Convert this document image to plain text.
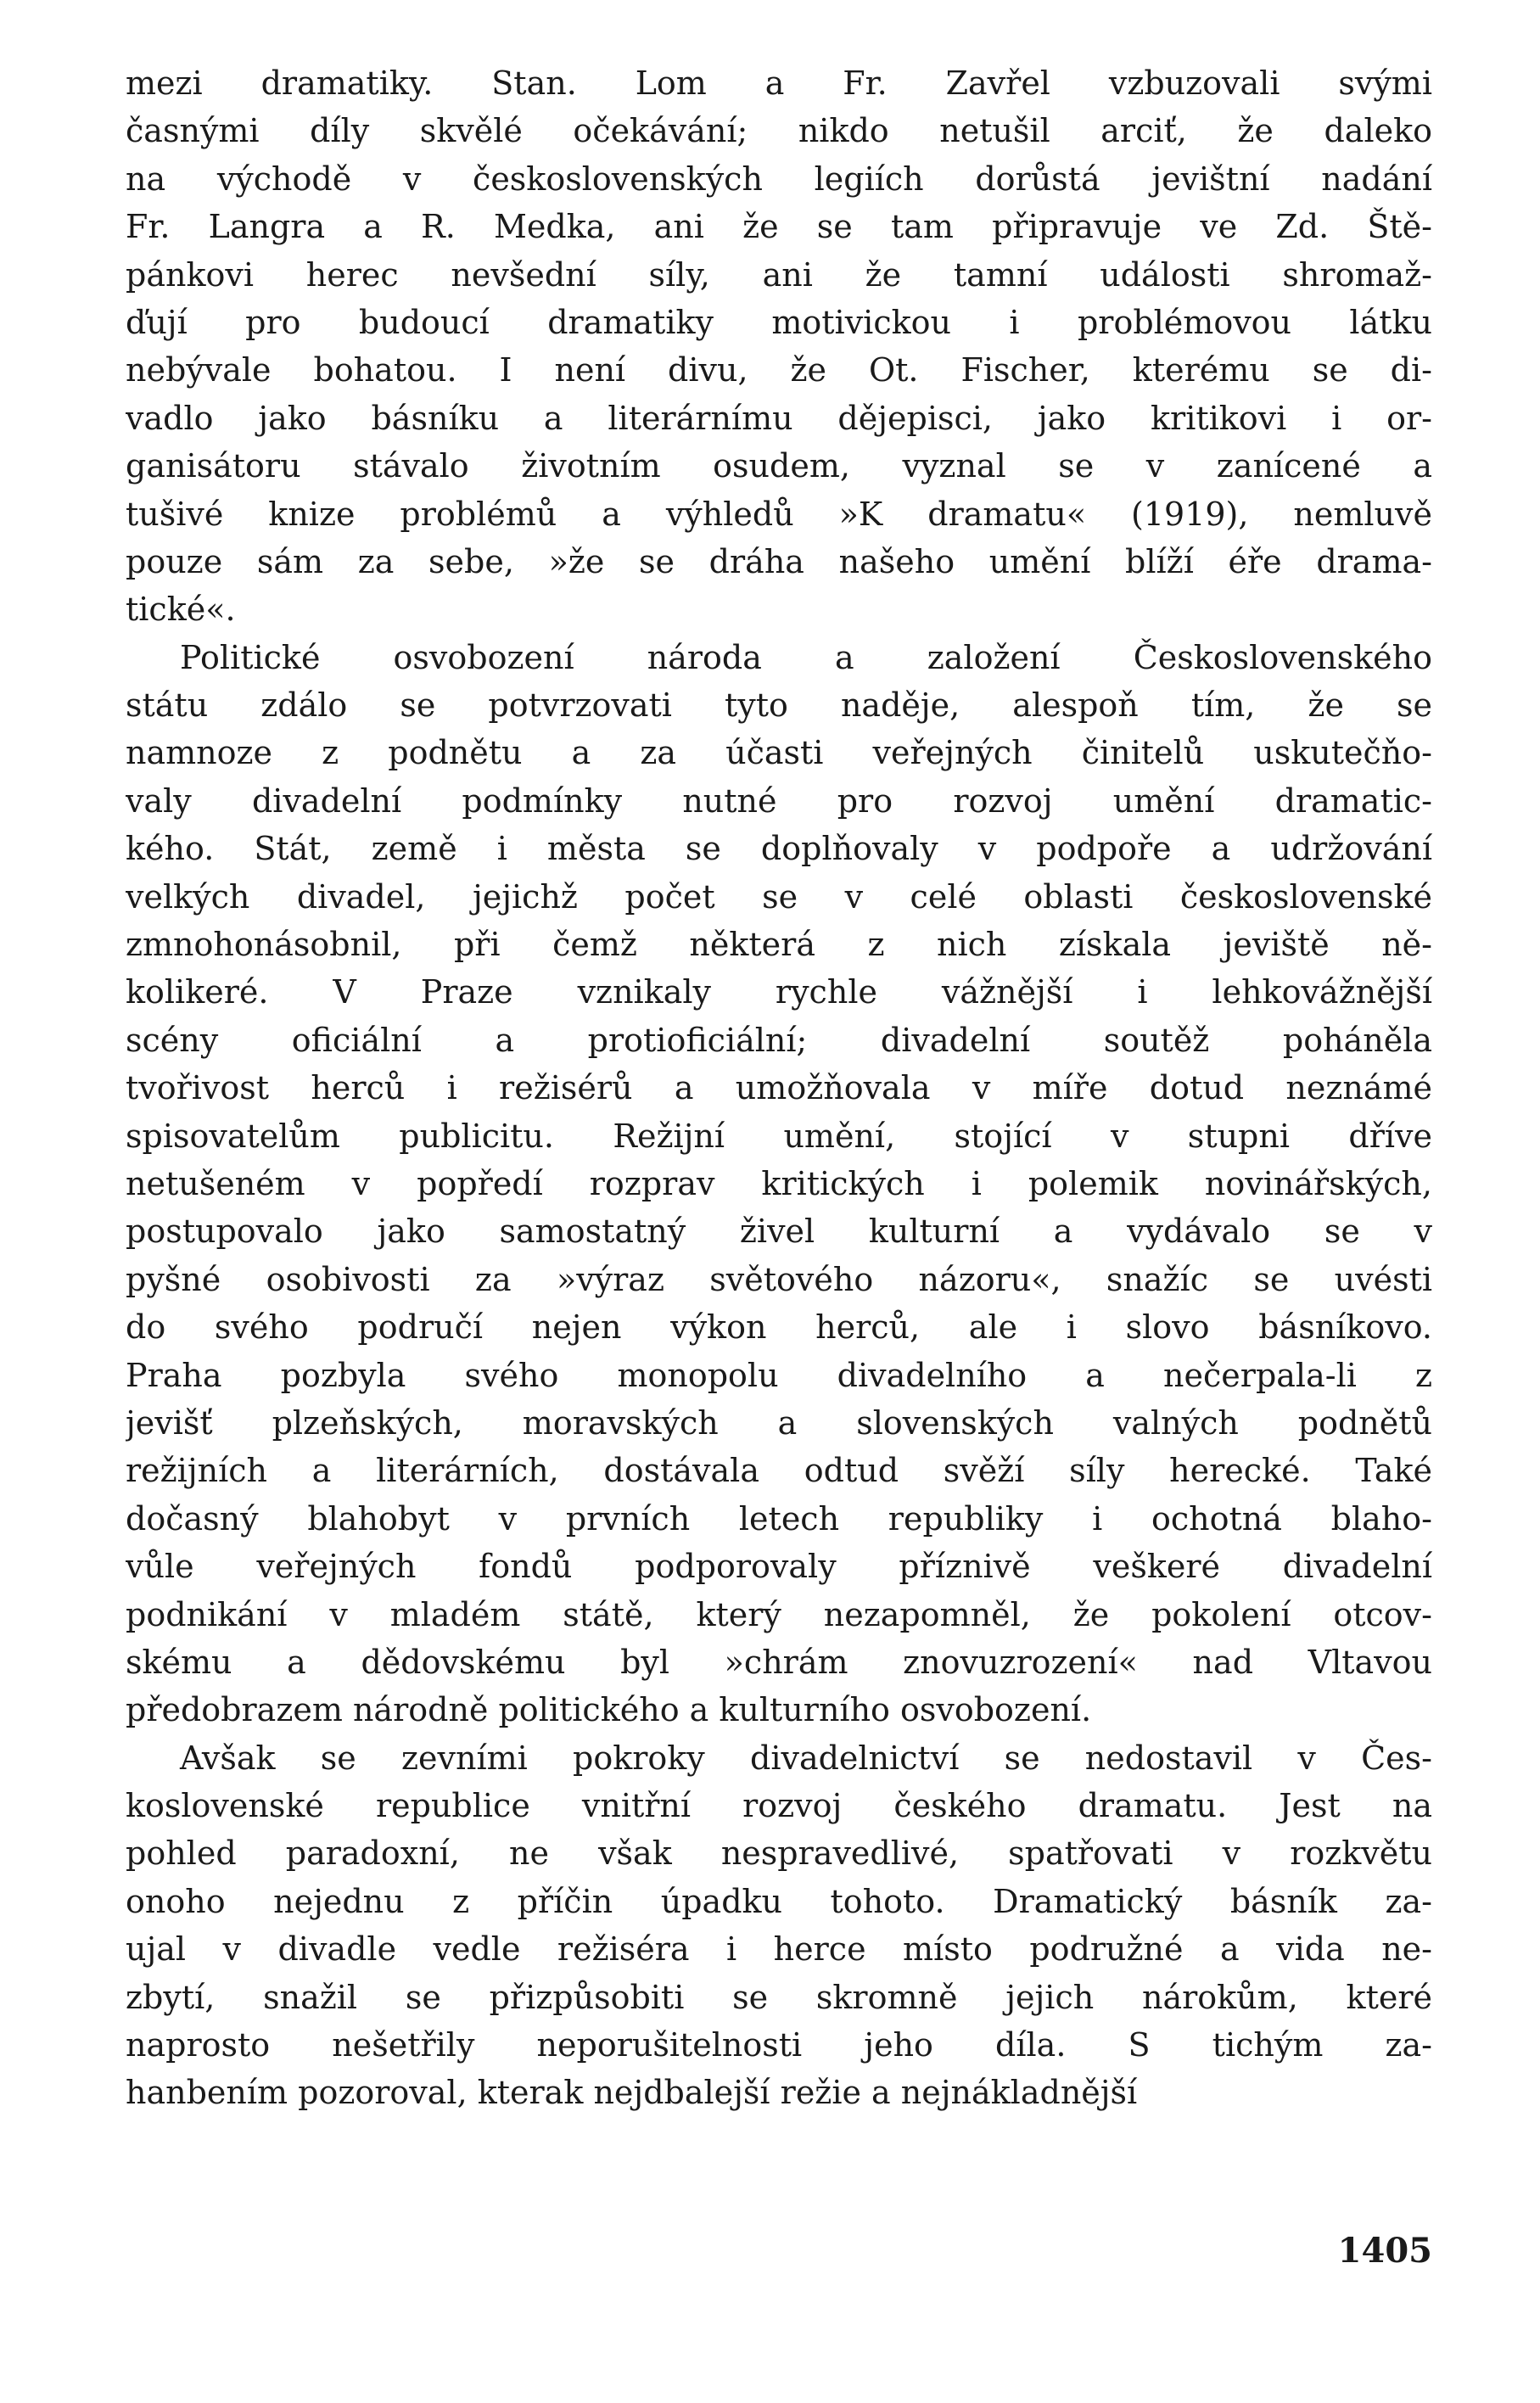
mezi dramatiky. Stan. Lom a Fr. Zavřel vzbuzovali svými
časnými díly skvělé očekávání; nikdo netušil arciť, že daleko
na východě v československých legiích dorůstá jevištní nadání
Fr. Langra a R. Medka, ani že se tam připravuje ve Zd. Ště-
pánkovi herec nevšední síly, ani že tamní události shromaž-
ďují pro budoucí dramatiky motivickou i problémovou látku
nebývale bohatou. I není divu, že Ot. Fischer, kterému se di-
vadlo jako básníku a literárnímu dějepisci, jako kritikovi i or-
ganisátoru stávalo životním osudem, vyznal se v zanícené a
tušivé knize problémů a výhledů »K dramatu« (1919), nemluvě
pouze sám za sebe, »že se dráha našeho umění blíží éře drama-
tické«.
Politické osvobození národa a založení Československého
státu zdálo se potvrzovati tyto naděje, alespoň tím, že se
namnoze z podnětu a za účasti veřejných činitelů uskutečňo-
valy divadelní podmínky nutné pro rozvoj umění dramatic-
kého. Stát, země i města se doplňovaly v podpoře a udržování
velkých divadel, jejichž počet se v celé oblasti československé
zmnohonásobnil, při čemž některá z nich získala jeviště ně-
kolikeré. V Praze vznikaly rychle vážnější i lehkovážnější
scény oficiální a protioficiální; divadelní soutěž poháněla
tvořivost herců i režisérů a umožňovala v míře dotud neznámé
spisovatelům publicitu. Režijní umění, stojící v stupni dříve
netušeném v popředí rozprav kritických i polemik novinářských,
postupovalo jako samostatný živel kulturní a vydávalo se v
pyšné osobivosti za »výraz světového názoru«, snažíc se uvésti
do svého područí nejen výkon herců, ale i slovo básníkovo.
Praha pozbyla svého monopolu divadelního a nečerpala-li z
jevišť plzeňských, moravských a slovenských valných podnětů
režijních a literárních, dostávala odtud svěží síly herecké. Také
dočasný blahobyt v prvních letech republiky i ochotná blaho-
vůle veřejných fondů podporovaly příznivě veškeré divadelní
podnikání v mladém státě, který nezapomněl, že pokolení otcov-
skému a dědovskému byl »chrám znovuzrození« nad Vltavou
předobrazem národně politického a kulturního osvobození.
Avšak se zevními pokroky divadelnictví se nedostavil v Čes-
koslovenské republice vnitřní rozvoj českého dramatu. Jest na
pohled paradoxní, ne však nespravedlivé, spatřovati v rozkvětu
onoho nejednu z příčin úpadku tohoto. Dramatický básník za-
ujal v divadle vedle režiséra i herce místo podružné a vida ne-
zbytí, snažil se přizpůsobiti se skromně jejich nárokům, které
naprosto nešetřily neporušitelnosti jeho díla. S tichým za-
hanbením pozoroval, kterak nejdbalejší režie a nejnákladnější
1405
